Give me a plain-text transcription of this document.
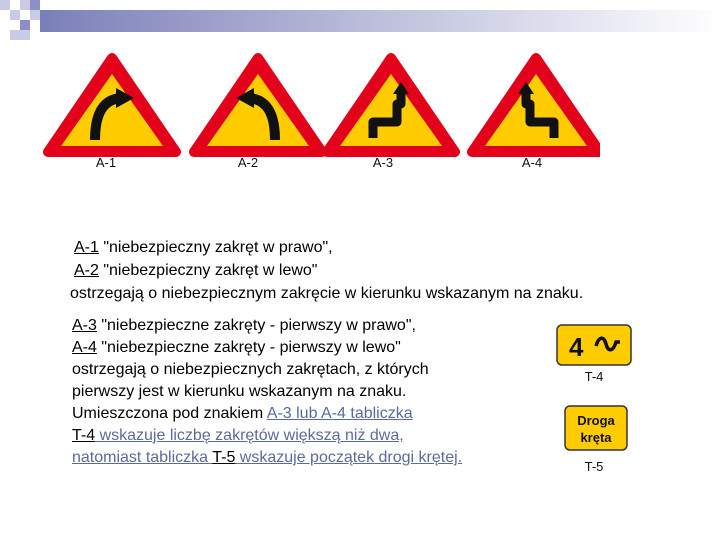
A-1	A-2	A-3	A-4
A-1 "niebezpieczny zakręt w prawo",
A-2 "niebezpieczny zakręt w lewo"
ostrzegają o niebezpiecznym zakręcie w kierunku wskazanym na znaku.
A-3 "niebezpieczne zakręty - pierwszy w prawo",
A-4 "niebezpieczne zakręty - pierwszy w lewo"
ostrzegają o niebezpiecznych zakrętach, z których
pierwszy jest w kierunku wskazanym na znaku.
Umieszczona pod znakiem A-3 lub A-4 tabliczka
T-4 wskazuje liczbę zakrętów większą niż dwa,
natomiast tabliczka T-5 wskazuje początek drogi krętej.
4
T-4
Droga
kręta
T-5
